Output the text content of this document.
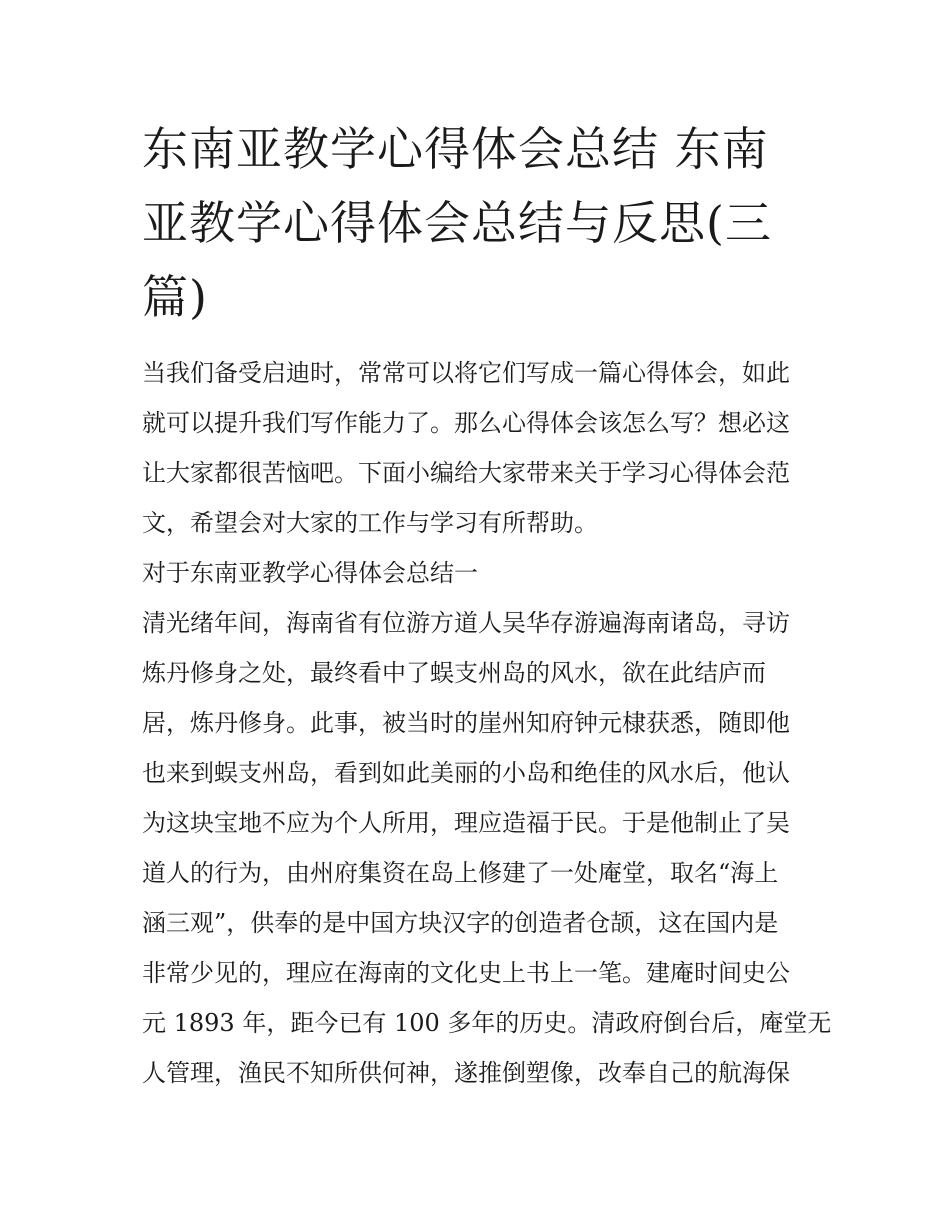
东南亚教学心得体会总结 东南
亚教学心得体会总结与反思(三
篇)

当我们备受启迪时，常常可以将它们写成一篇心得体会，如此
就可以提升我们写作能力了。那么心得体会该怎么写？想必这
让大家都很苦恼吧。下面小编给大家带来关于学习心得体会范
文，希望会对大家的工作与学习有所帮助。

对于东南亚教学心得体会总结一

清光绪年间，海南省有位游方道人吴华存游遍海南诸岛，寻访
炼丹修身之处，最终看中了蜈支州岛的风水，欲在此结庐而
居，炼丹修身。此事，被当时的崖州知府钟元棣获悉，随即他
也来到蜈支州岛，看到如此美丽的小岛和绝佳的风水后，他认
为这块宝地不应为个人所用，理应造福于民。于是他制止了吴
道人的行为，由州府集资在岛上修建了一处庵堂，取名“海上
涵三观”，供奉的是中国方块汉字的创造者仓颉，这在国内是
非常少见的，理应在海南的文化史上书上一笔。建庵时间史公
元 1893 年，距今已有 100 多年的历史。清政府倒台后，庵堂无
人管理，渔民不知所供何神，遂推倒塑像，改奉自己的航海保
